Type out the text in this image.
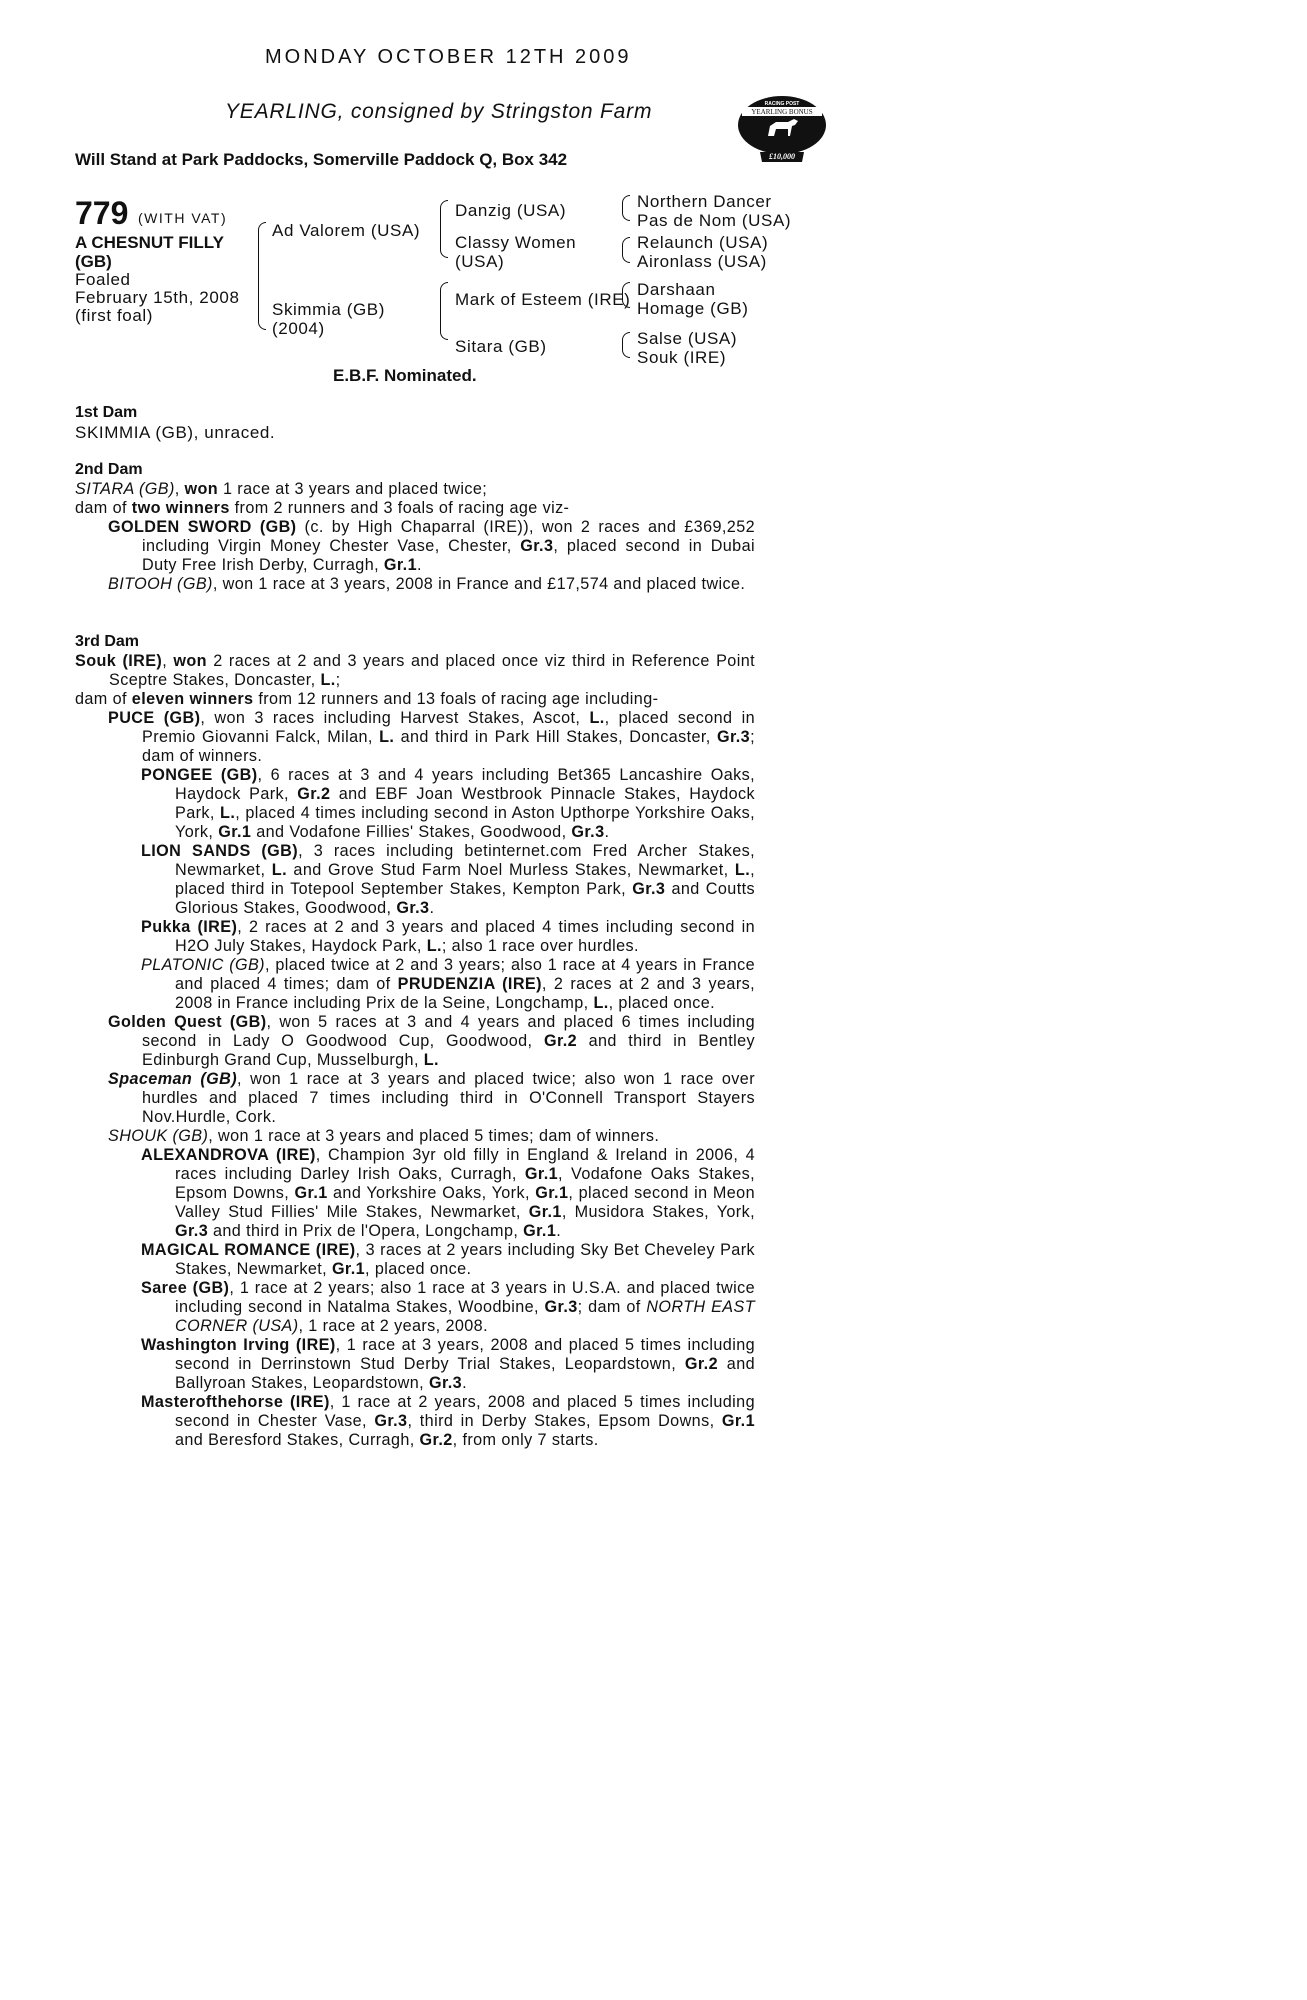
MONDAY OCTOBER 12TH 2009
YEARLING, consigned by Stringston Farm
Will Stand at Park Paddocks, Somerville Paddock Q, Box 342
RACING POST
YEARLING BONUS
£10,000
779 (WITH VAT)
A CHESNUT FILLY
(GB)
Foaled
February 15th, 2008
(first foal)
Ad Valorem (USA)
Skimmia (GB)
(2004)
Danzig (USA)
Classy Women
(USA)
Mark of Esteem (IRE)
Sitara (GB)
Northern Dancer
Pas de Nom (USA)
Relaunch (USA)
Aironlass (USA)
Darshaan
Homage (GB)
Salse (USA)
Souk (IRE)
E.B.F. Nominated.
1st Dam
SKIMMIA (GB), unraced.
2nd Dam

SITARA (GB), won 1 race at 3 years and placed twice;

dam of two winners from 2 runners and 3 foals of racing age viz-

GOLDEN SWORD (GB) (c. by High Chaparral (IRE)), won 2 races and £369,252 including Virgin Money Chester Vase, Chester, Gr.3, placed second in Dubai Duty Free Irish Derby, Curragh, Gr.1.

BITOOH (GB), won 1 race at 3 years, 2008 in France and £17,574 and placed twice.

3rd Dam

Souk (IRE), won 2 races at 2 and 3 years and placed once viz third in Reference Point Sceptre Stakes, Doncaster, L.;

dam of eleven winners from 12 runners and 13 foals of racing age including-

PUCE (GB), won 3 races including Harvest Stakes, Ascot, L., placed second in Premio Giovanni Falck, Milan, L. and third in Park Hill Stakes, Doncaster, Gr.3; dam of winners.

PONGEE (GB), 6 races at 3 and 4 years including Bet365 Lancashire Oaks, Haydock Park, Gr.2 and EBF Joan Westbrook Pinnacle Stakes, Haydock Park, L., placed 4 times including second in Aston Upthorpe Yorkshire Oaks, York, Gr.1 and Vodafone Fillies' Stakes, Goodwood, Gr.3.

LION SANDS (GB), 3 races including betinternet.com Fred Archer Stakes, Newmarket, L. and Grove Stud Farm Noel Murless Stakes, Newmarket, L., placed third in Totepool September Stakes, Kempton Park, Gr.3 and Coutts Glorious Stakes, Goodwood, Gr.3.

Pukka (IRE), 2 races at 2 and 3 years and placed 4 times including second in H2O July Stakes, Haydock Park, L.; also 1 race over hurdles.

PLATONIC (GB), placed twice at 2 and 3 years; also 1 race at 4 years in France and placed 4 times; dam of PRUDENZIA (IRE), 2 races at 2 and 3 years, 2008 in France including Prix de la Seine, Longchamp, L., placed once.

Golden Quest (GB), won 5 races at 3 and 4 years and placed 6 times including second in Lady O Goodwood Cup, Goodwood, Gr.2 and third in Bentley Edinburgh Grand Cup, Musselburgh, L.

Spaceman (GB), won 1 race at 3 years and placed twice; also won 1 race over hurdles and placed 7 times including third in O'Connell Transport Stayers Nov.Hurdle, Cork.

SHOUK (GB), won 1 race at 3 years and placed 5 times; dam of winners.

ALEXANDROVA (IRE), Champion 3yr old filly in England & Ireland in 2006, 4 races including Darley Irish Oaks, Curragh, Gr.1, Vodafone Oaks Stakes, Epsom Downs, Gr.1 and Yorkshire Oaks, York, Gr.1, placed second in Meon Valley Stud Fillies' Mile Stakes, Newmarket, Gr.1, Musidora Stakes, York, Gr.3 and third in Prix de l'Opera, Longchamp, Gr.1.

MAGICAL ROMANCE (IRE), 3 races at 2 years including Sky Bet Cheveley Park Stakes, Newmarket, Gr.1, placed once.

Saree (GB), 1 race at 2 years; also 1 race at 3 years in U.S.A. and placed twice including second in Natalma Stakes, Woodbine, Gr.3; dam of NORTH EAST CORNER (USA), 1 race at 2 years, 2008.

Washington Irving (IRE), 1 race at 3 years, 2008 and placed 5 times including second in Derrinstown Stud Derby Trial Stakes, Leopardstown, Gr.2 and Ballyroan Stakes, Leopardstown, Gr.3.

Masterofthehorse (IRE), 1 race at 2 years, 2008 and placed 5 times including second in Chester Vase, Gr.3, third in Derby Stakes, Epsom Downs, Gr.1 and Beresford Stakes, Curragh, Gr.2, from only 7 starts.
